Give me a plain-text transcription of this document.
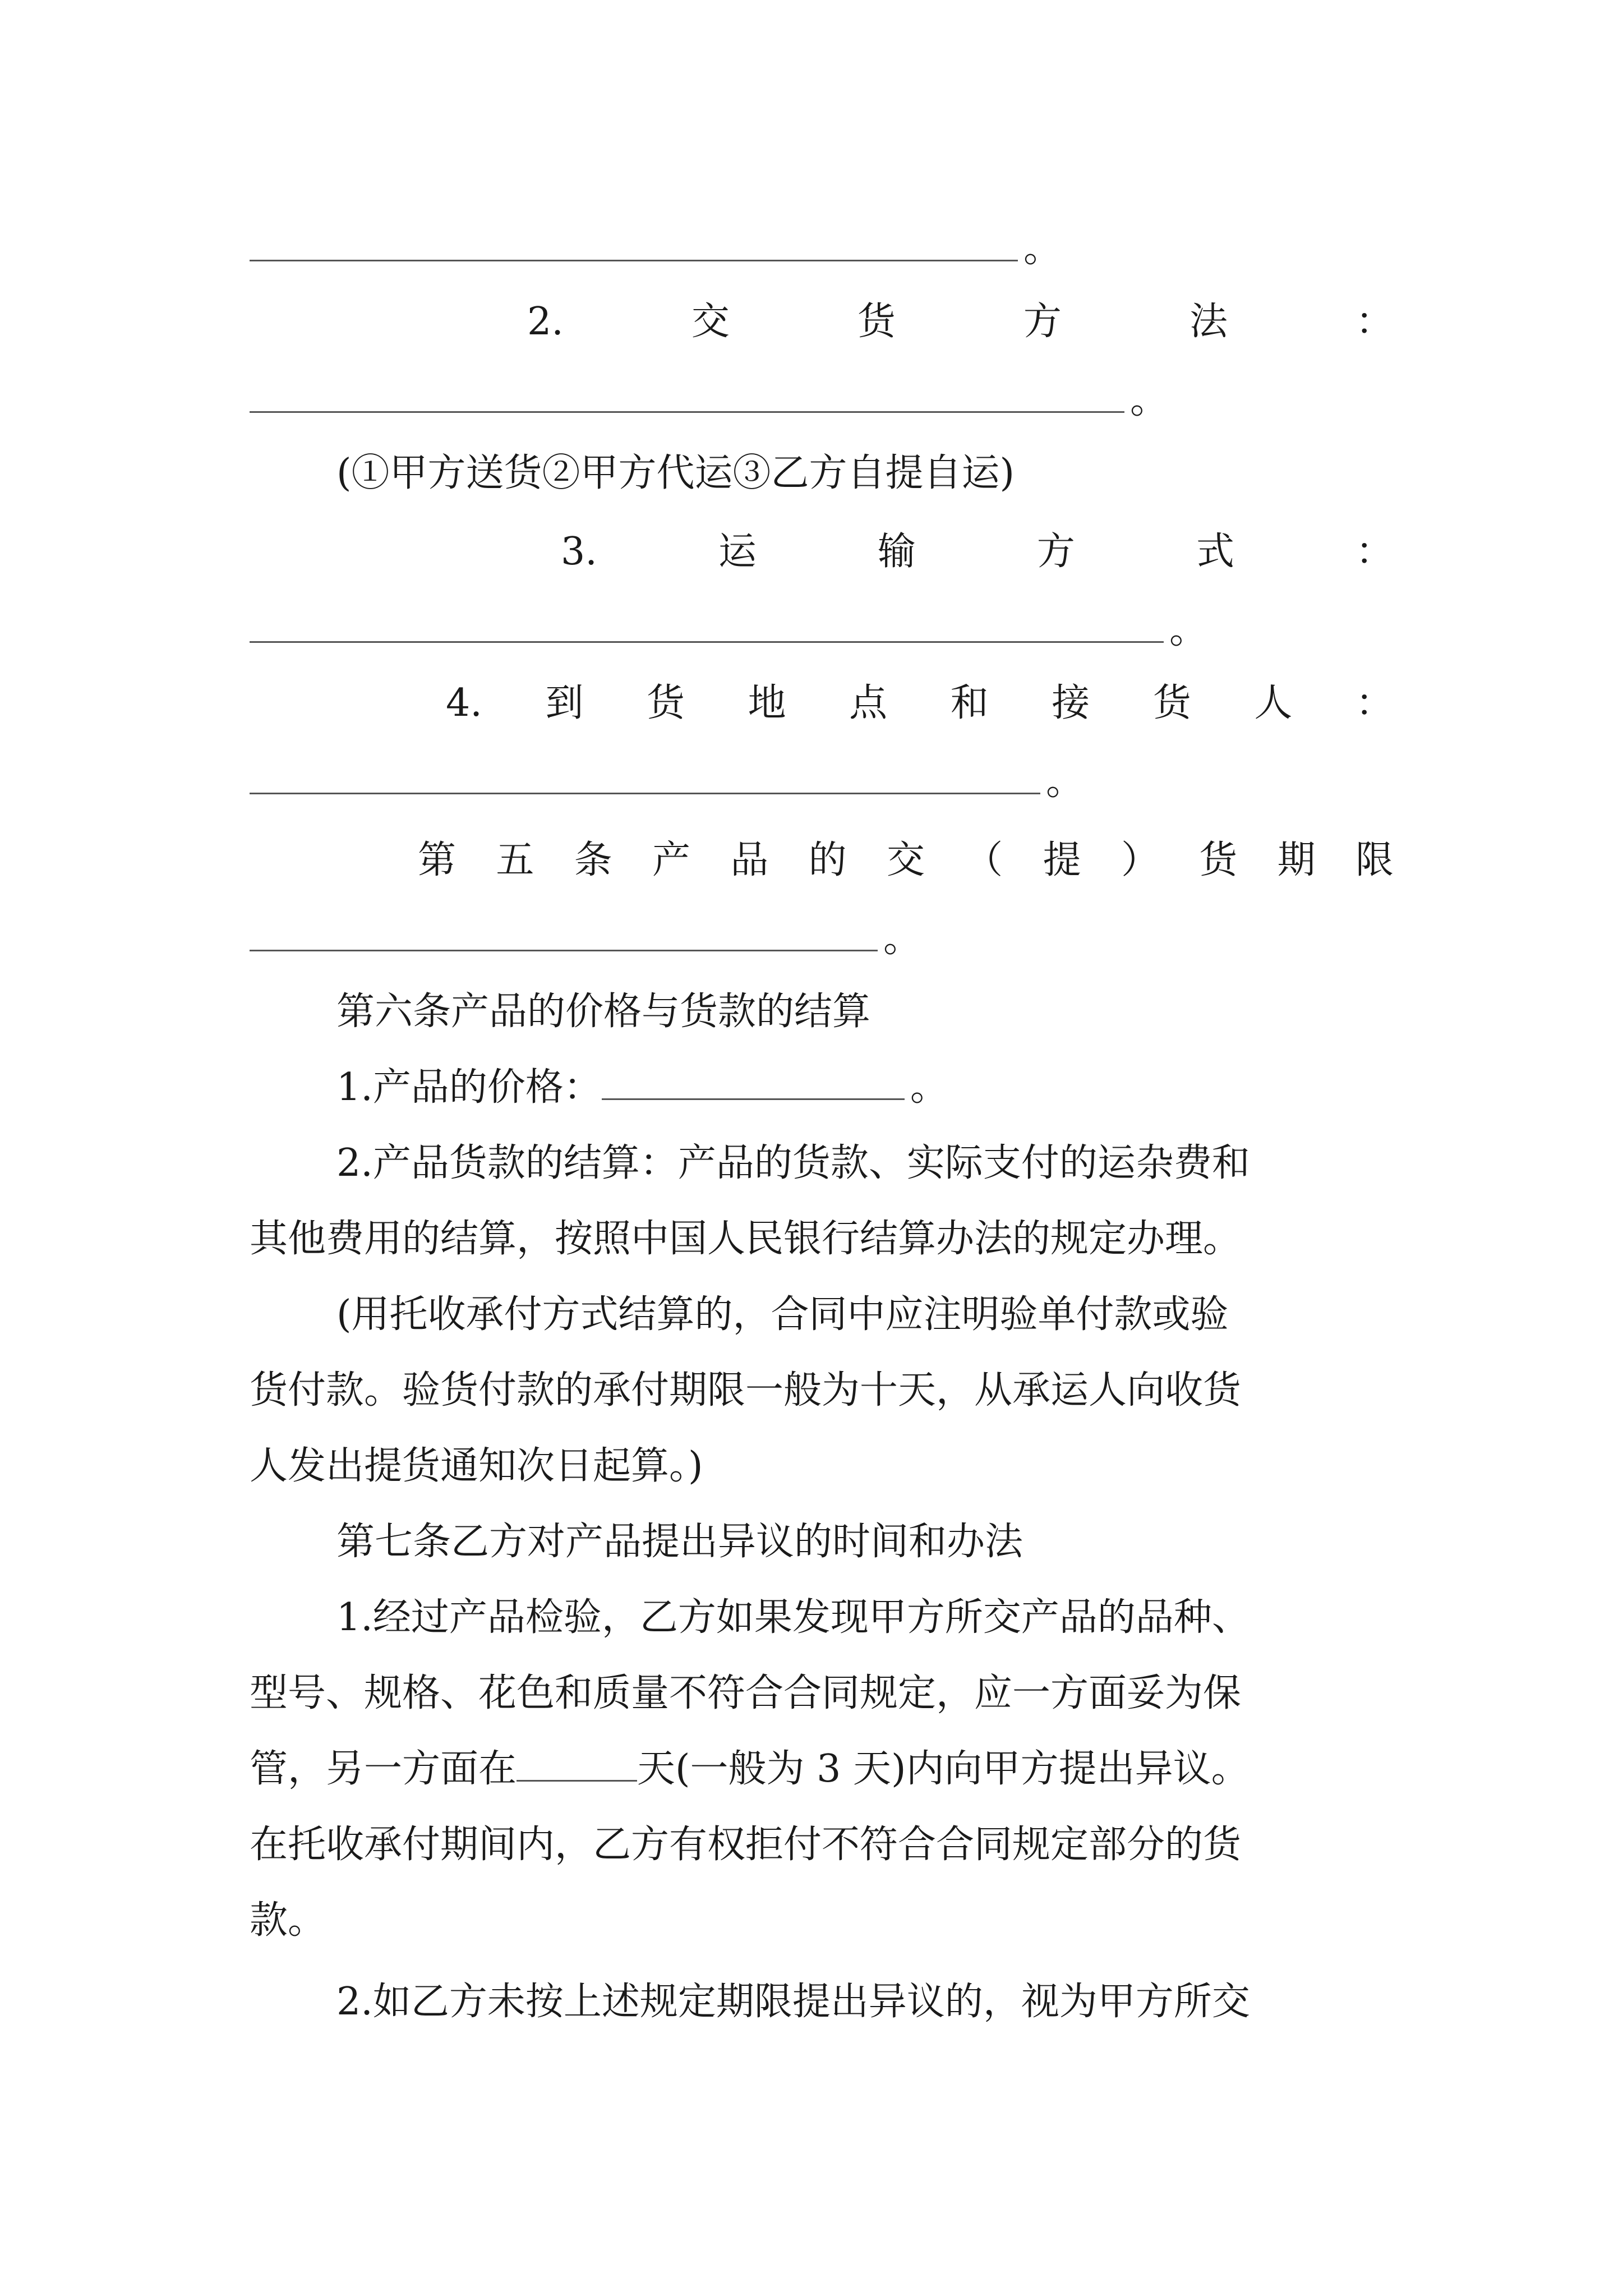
。
2.	交	货	方	法	：
。
(①甲方送货②甲方代运③乙方自提自运)
3.	运	输	方	式	：
。
4. 到 货 地 点 和 接 货 人 ：
。
第 五 条 产 品 的 交 （ 提 ） 货 期 限
。
第六条产品的价格与货款的结算
1.产品的价格：	。
2.产品货款的结算：产品的货款、实际支付的运杂费和
其他费用的结算，按照中国人民银行结算办法的规定办理。
(用托收承付方式结算的，合同中应注明验单付款或验
货付款。验货付款的承付期限一般为十天，从承运人向收货
人发出提货通知次日起算。)
第七条乙方对产品提出异议的时间和办法
1.经过产品检验，乙方如果发现甲方所交产品的品种、
型号、规格、花色和质量不符合合同规定，应一方面妥为保
管，另一方面在	天(一般为 3 天)内向甲方提出异议。
在托收承付期间内，乙方有权拒付不符合合同规定部分的货
款。
2.如乙方未按上述规定期限提出异议的，视为甲方所交
